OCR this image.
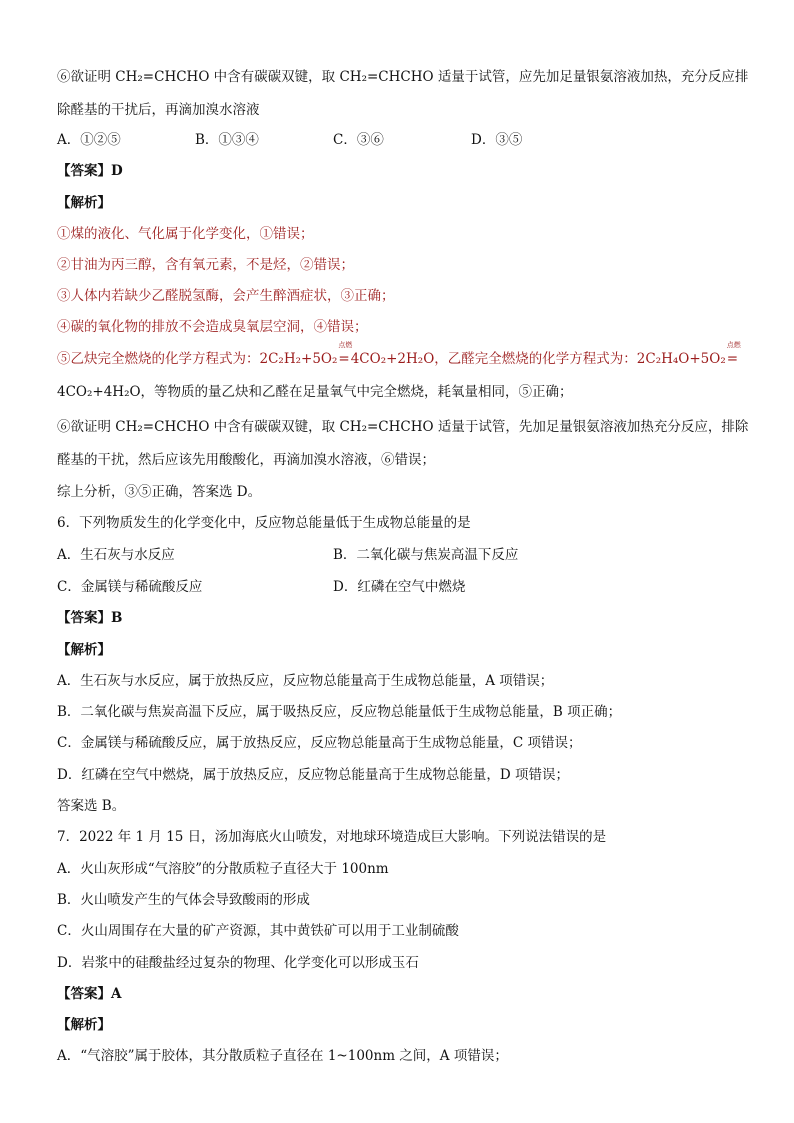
⑥欲证明 CH₂=CHCHO 中含有碳碳双键，取 CH₂=CHCHO 适量于试管，应先加足量银氨溶液加热，充分反应排
除醛基的干扰后，再滴加溴水溶液
【答案】D
【解析】
①煤的液化、气化属于化学变化，①错误；
②甘油为丙三醇，含有氧元素，不是烃，②错误；
③人体内若缺少乙醛脱氢酶，会产生醉酒症状，③正确；
④碳的氧化物的排放不会造成臭氧层空洞，④错误；
⑤乙炔完全燃烧的化学方程式为：2C₂H₂+5O₂
点燃
=4CO₂+2H₂O，乙醛完全燃烧的化学方程式为：2C₂H₄O+5O₂
点燃
=
4CO₂+4H₂O，等物质的量乙炔和乙醛在足量氧气中完全燃烧，耗氧量相同，⑤正确；
⑥欲证明 CH₂=CHCHO 中含有碳碳双键，取 CH₂=CHCHO 适量于试管，先加足量银氨溶液加热充分反应，排除
醛基的干扰，然后应该先用酸酸化，再滴加溴水溶液，⑥错误；
综上分析，③⑤正确，答案选 D。
6．下列物质发生的化学变化中，反应物总能量低于生成物总能量的是
【答案】B
【解析】
A．生石灰与水反应，属于放热反应，反应物总能量高于生成物总能量，A 项错误；
B．二氧化碳与焦炭高温下反应，属于吸热反应，反应物总能量低于生成物总能量，B 项正确；
C．金属镁与稀硫酸反应，属于放热反应，反应物总能量高于生成物总能量，C 项错误；
D．红磷在空气中燃烧，属于放热反应，反应物总能量高于生成物总能量，D 项错误；
答案选 B。
7．2022 年 1 月 15 日，汤加海底火山喷发，对地球环境造成巨大影响。下列说法错误的是
A．火山灰形成“气溶胶”的分散质粒子直径大于 100nm
B．火山喷发产生的气体会导致酸雨的形成
C．火山周围存在大量的矿产资源，其中黄铁矿可以用于工业制硫酸
D．岩浆中的硅酸盐经过复杂的物理、化学变化可以形成玉石
【答案】A
【解析】
A．“气溶胶”属于胶体，其分散质粒子直径在 1~100nm 之间，A 项错误；
A．①②⑤	B．①③④	C．③⑥	D．③⑤
A．生石灰与水反应	B．二氧化碳与焦炭高温下反应
C．金属镁与稀硫酸反应	D．红磷在空气中燃烧
